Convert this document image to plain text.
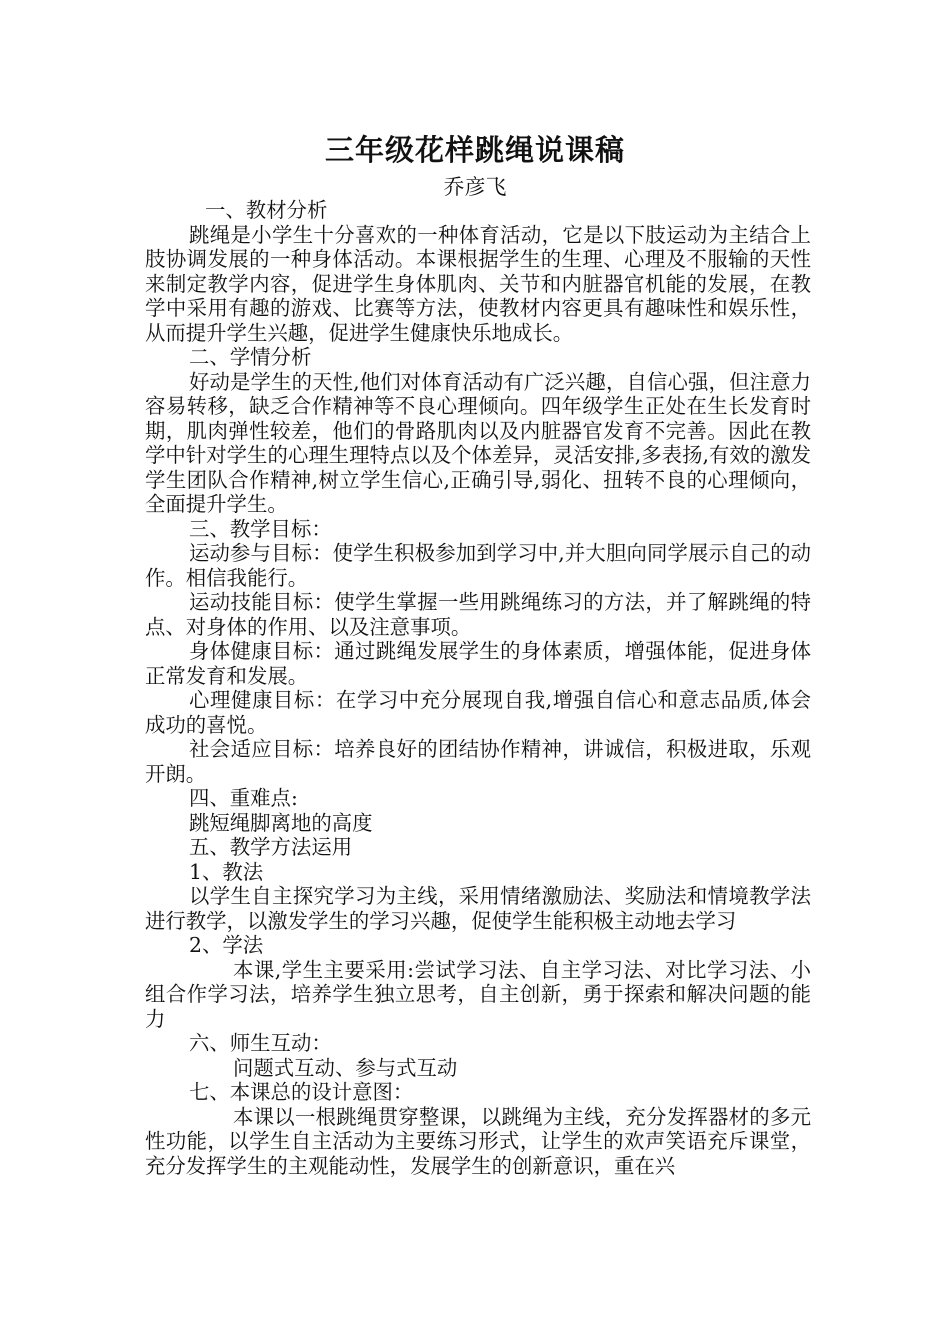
三年级花样跳绳说课稿
乔彦飞

一、教材分析

跳绳是小学生十分喜欢的一种体育活动，它是以下肢运动为主结合上肢协调发展的一种身体活动。本课根据学生的生理、心理及不服输的天性来制定教学内容，促进学生身体肌肉、关节和内脏器官机能的发展，在教学中采用有趣的游戏、比赛等方法，使教材内容更具有趣味性和娱乐性，从而提升学生兴趣，促进学生健康快乐地成长。

二、学情分析

好动是学生的天性,他们对体育活动有广泛兴趣，自信心强，但注意力容易转移，缺乏合作精神等不良心理倾向。四年级学生正处在生长发育时期，肌肉弹性较差，他们的骨路肌肉以及内脏器官发育不完善。因此在教学中针对学生的心理生理特点以及个体差异，灵活安排,多表扬,有效的激发学生团队合作精神,树立学生信心,正确引导,弱化、扭转不良的心理倾向，全面提升学生。

三、教学目标：

运动参与目标：使学生积极参加到学习中,并大胆向同学展示自己的动作。相信我能行。

运动技能目标：使学生掌握一些用跳绳练习的方法，并了解跳绳的特点、对身体的作用、以及注意事项。

身体健康目标：通过跳绳发展学生的身体素质，增强体能，促进身体正常发育和发展。

心理健康目标：在学习中充分展现自我,增强自信心和意志品质,体会成功的喜悦。

社会适应目标：培养良好的团结协作精神，讲诚信，积极进取，乐观开朗。

四、重难点:

跳短绳脚离地的高度

五、教学方法运用

1、教法

以学生自主探究学习为主线，采用情绪激励法、奖励法和情境教学法进行教学，以激发学生的学习兴趣，促使学生能积极主动地去学习

2、学法

本课,学生主要采用:尝试学习法、自主学习法、对比学习法、小组合作学习法，培养学生独立思考，自主创新，勇于探索和解决问题的能力

六、师生互动：

问题式互动、参与式互动

七、本课总的设计意图：

本课以一根跳绳贯穿整课，以跳绳为主线，充分发挥器材的多元性功能，以学生自主活动为主要练习形式，让学生的欢声笑语充斥课堂，充分发挥学生的主观能动性，发展学生的创新意识，重在兴
